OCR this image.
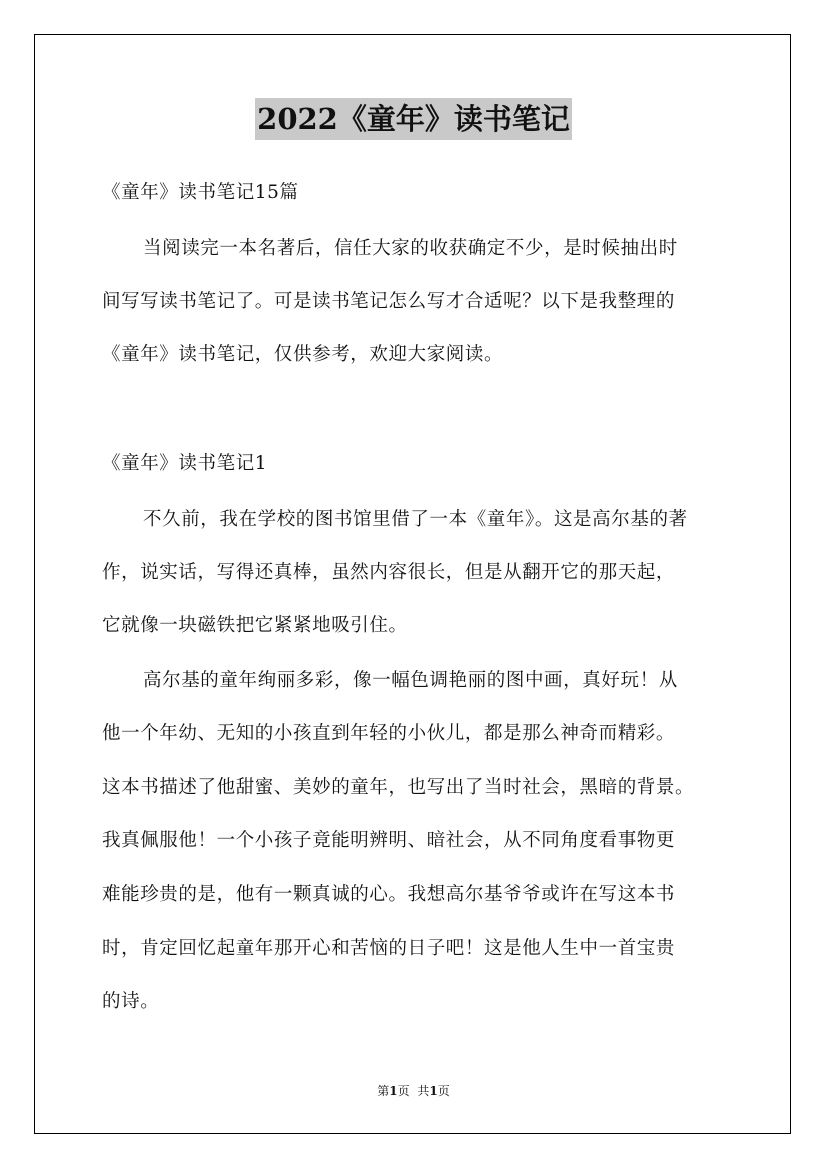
2022《童年》读书笔记
《童年》读书笔记15篇
当阅读完一本名著后，信任大家的收获确定不少，是时候抽出时
间写写读书笔记了。可是读书笔记怎么写才合适呢？以下是我整理的
《童年》读书笔记，仅供参考，欢迎大家阅读。
《童年》读书笔记1
不久前，我在学校的图书馆里借了一本《童年》。这是高尔基的著
作，说实话，写得还真棒，虽然内容很长，但是从翻开它的那天起，
它就像一块磁铁把它紧紧地吸引住。
高尔基的童年绚丽多彩，像一幅色调艳丽的图中画，真好玩！从
他一个年幼、无知的小孩直到年轻的小伙儿，都是那么神奇而精彩。
这本书描述了他甜蜜、美妙的童年，也写出了当时社会，黑暗的背景。
我真佩服他！一个小孩子竟能明辨明、暗社会，从不同角度看事物更
难能珍贵的是，他有一颗真诚的心。我想高尔基爷爷或许在写这本书
时，肯定回忆起童年那开心和苦恼的日子吧！这是他人生中一首宝贵
的诗。
第1页 共1页
